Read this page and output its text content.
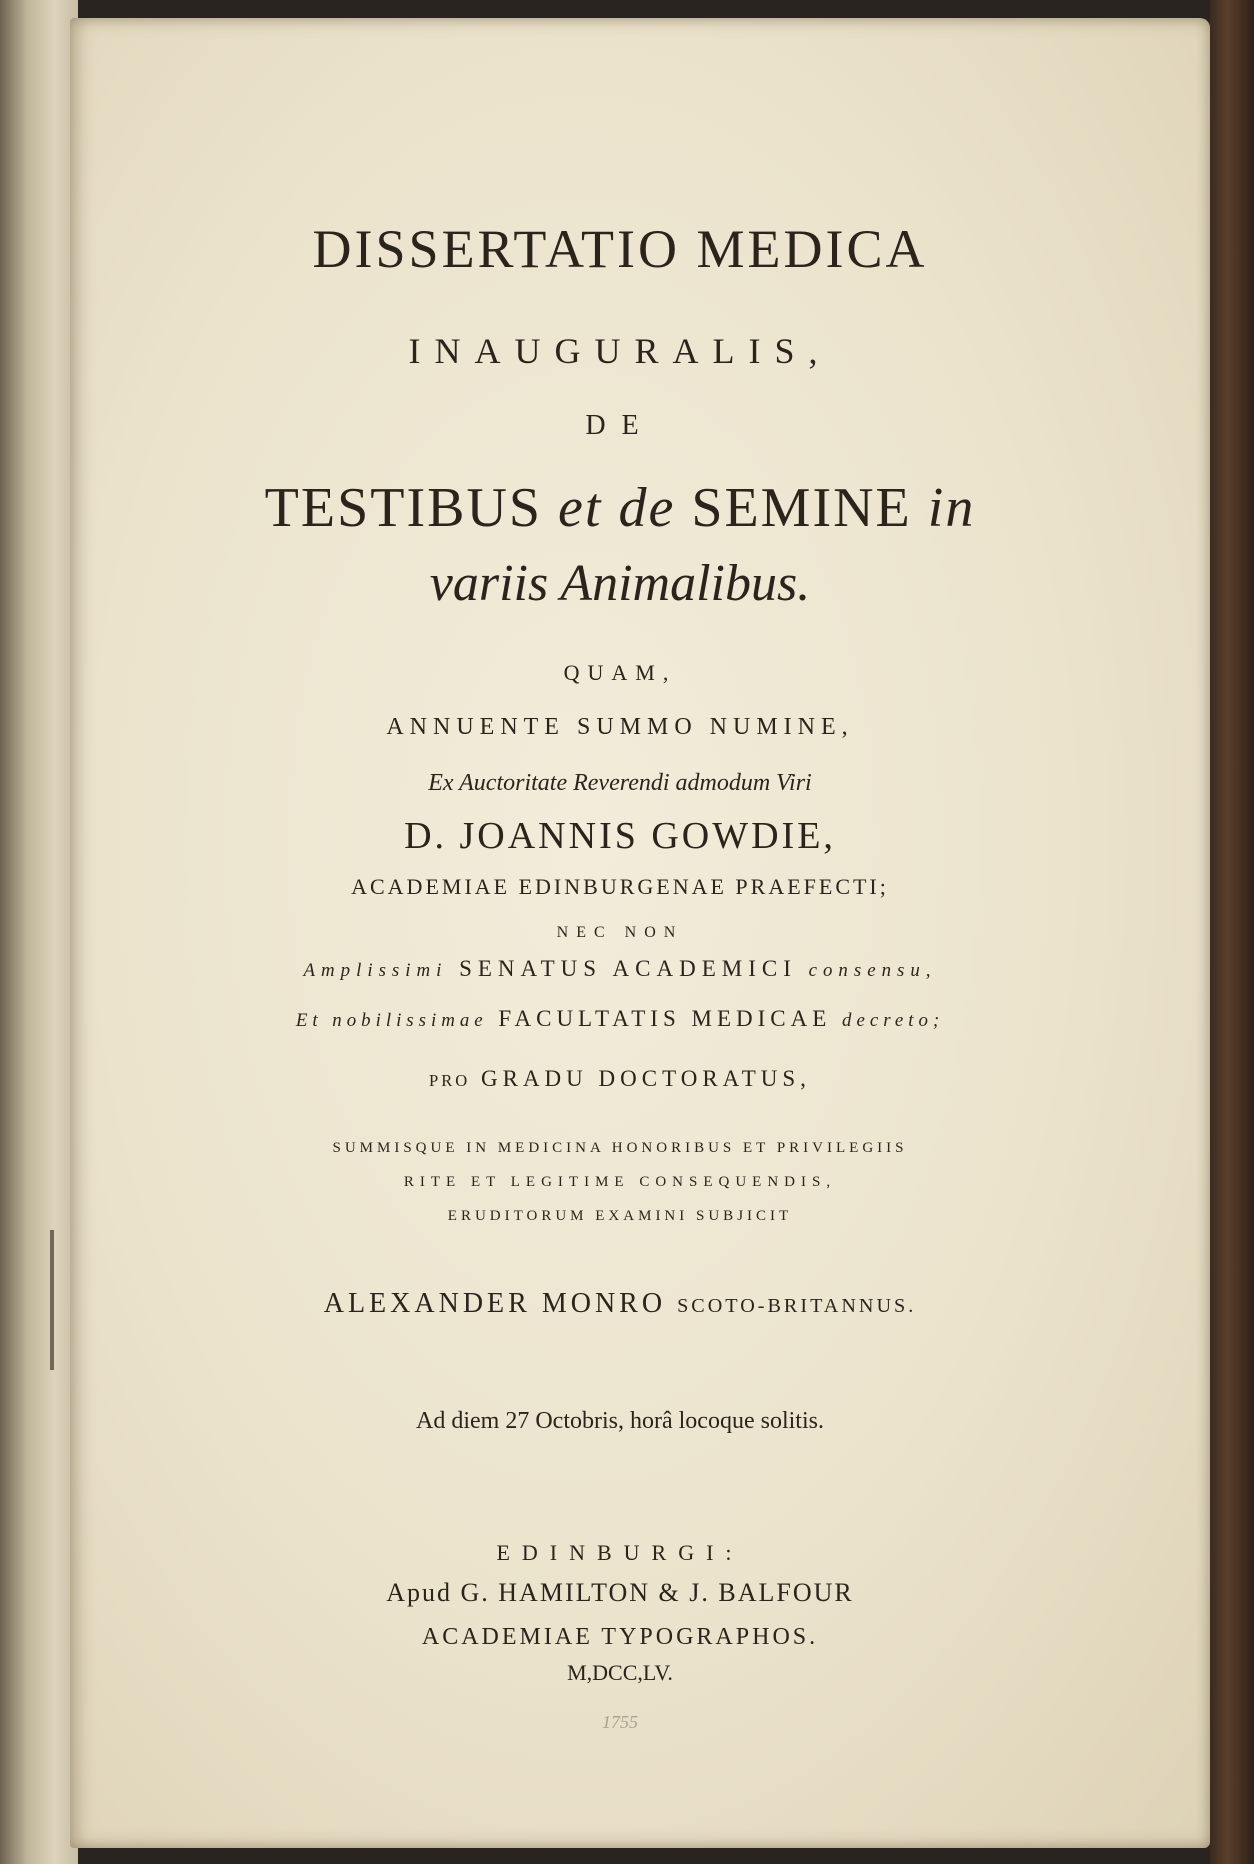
DISSERTATIO MEDICA
INAUGURALIS,
DE
TESTIBUS et de SEMINE in
variis Animalibus.
QUAM,
ANNUENTE SUMMO NUMINE,
Ex Auctoritate Reverendi admodum Viri
D. JOANNIS GOWDIE,
ACADEMIAE EDINBURGENAE PRAEFECTI;
NEC NON
Amplissimi SENATUS ACADEMICI consensu,
Et nobilissimae FACULTATIS MEDICAE decreto;
PRO GRADU DOCTORATUS,
SUMMISQUE IN MEDICINA HONORIBUS ET PRIVILEGIIS
RITE ET LEGITIME CONSEQUENDIS,
ERUDITORUM EXAMINI SUBJICIT
ALEXANDER MONRO SCOTO-BRITANNUS.
Ad diem 27 Octobris, horâ locoque solitis.
EDINBURGI:
Apud G. HAMILTON & J. BALFOUR
ACADEMIAE TYPOGRAPHOS.
M,DCC,LV.
1755
